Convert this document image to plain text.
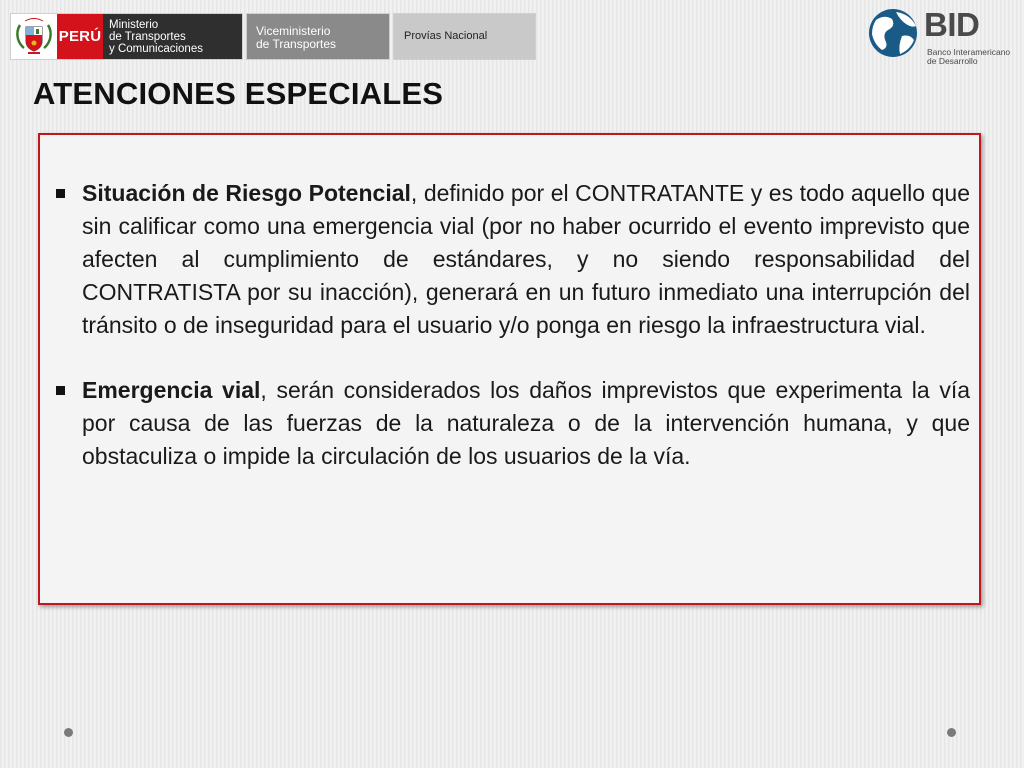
PERÚ
Ministerio
de Transportes
y Comunicaciones
Viceministerio
de Transportes
Provías Nacional	BID
Banco Interamericano
de Desarrollo
ATENCIONES ESPECIALES
Situación de Riesgo Potencial, definido por el CONTRATANTE y es todo aquello que sin calificar como una emergencia vial (por no haber ocurrido el evento imprevisto que afecten al cumplimiento de estándares, y no siendo responsabilidad del CONTRATISTA por su inacción), generará en un futuro inmediato una interrupción del tránsito o de inseguridad para el usuario y/o ponga en riesgo la infraestructura vial.
Emergencia vial, serán considerados los daños imprevistos que experimenta la vía por causa de las fuerzas de la naturaleza o de la intervención humana, y que obstaculiza o impide la circulación de los usuarios de la vía.
